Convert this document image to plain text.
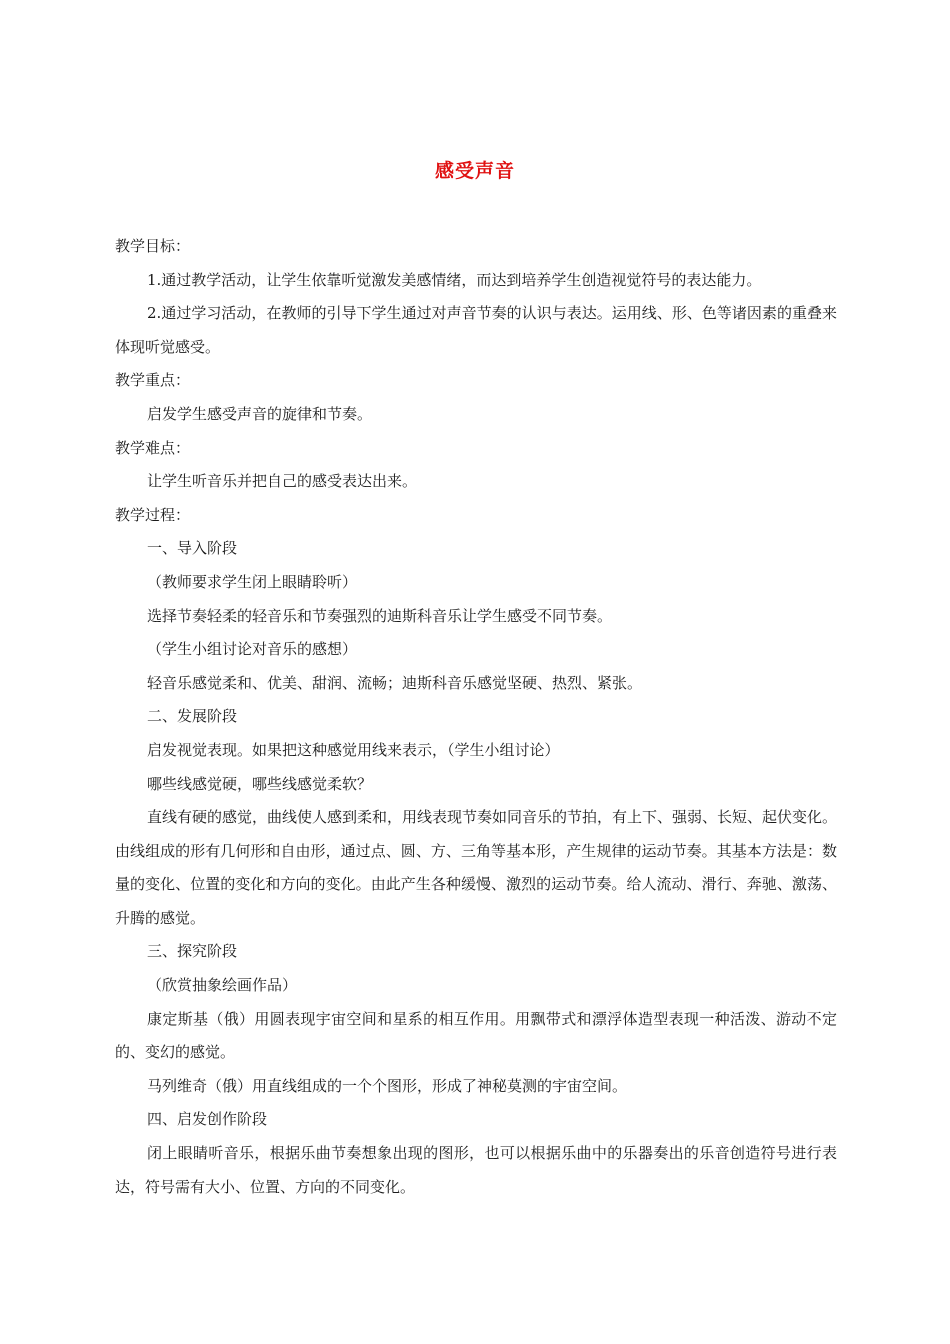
感受声音

教学目标：

1.通过教学活动，让学生依靠听觉激发美感情绪，而达到培养学生创造视觉符号的表达能力。

2.通过学习活动，在教师的引导下学生通过对声音节奏的认识与表达。运用线、形、色等诸因素的重叠来体现听觉感受。

教学重点：

启发学生感受声音的旋律和节奏。

教学难点：

让学生听音乐并把自己的感受表达出来。

教学过程：

一、导入阶段

（教师要求学生闭上眼睛聆听）

选择节奏轻柔的轻音乐和节奏强烈的迪斯科音乐让学生感受不同节奏。

（学生小组讨论对音乐的感想）

轻音乐感觉柔和、优美、甜润、流畅；迪斯科音乐感觉坚硬、热烈、紧张。

二、发展阶段

启发视觉表现。如果把这种感觉用线来表示，（学生小组讨论）

哪些线感觉硬，哪些线感觉柔软？

直线有硬的感觉，曲线使人感到柔和，用线表现节奏如同音乐的节拍，有上下、强弱、长短、起伏变化。由线组成的形有几何形和自由形，通过点、圆、方、三角等基本形，产生规律的运动节奏。其基本方法是：数量的变化、位置的变化和方向的变化。由此产生各种缓慢、激烈的运动节奏。给人流动、滑行、奔驰、激荡、升腾的感觉。

三、探究阶段

（欣赏抽象绘画作品）

康定斯基（俄）用圆表现宇宙空间和星系的相互作用。用飘带式和漂浮体造型表现一种活泼、游动不定的、变幻的感觉。

马列维奇（俄）用直线组成的一个个图形，形成了神秘莫测的宇宙空间。

四、启发创作阶段

闭上眼睛听音乐，根据乐曲节奏想象出现的图形，也可以根据乐曲中的乐器奏出的乐音创造符号进行表达，符号需有大小、位置、方向的不同变化。
